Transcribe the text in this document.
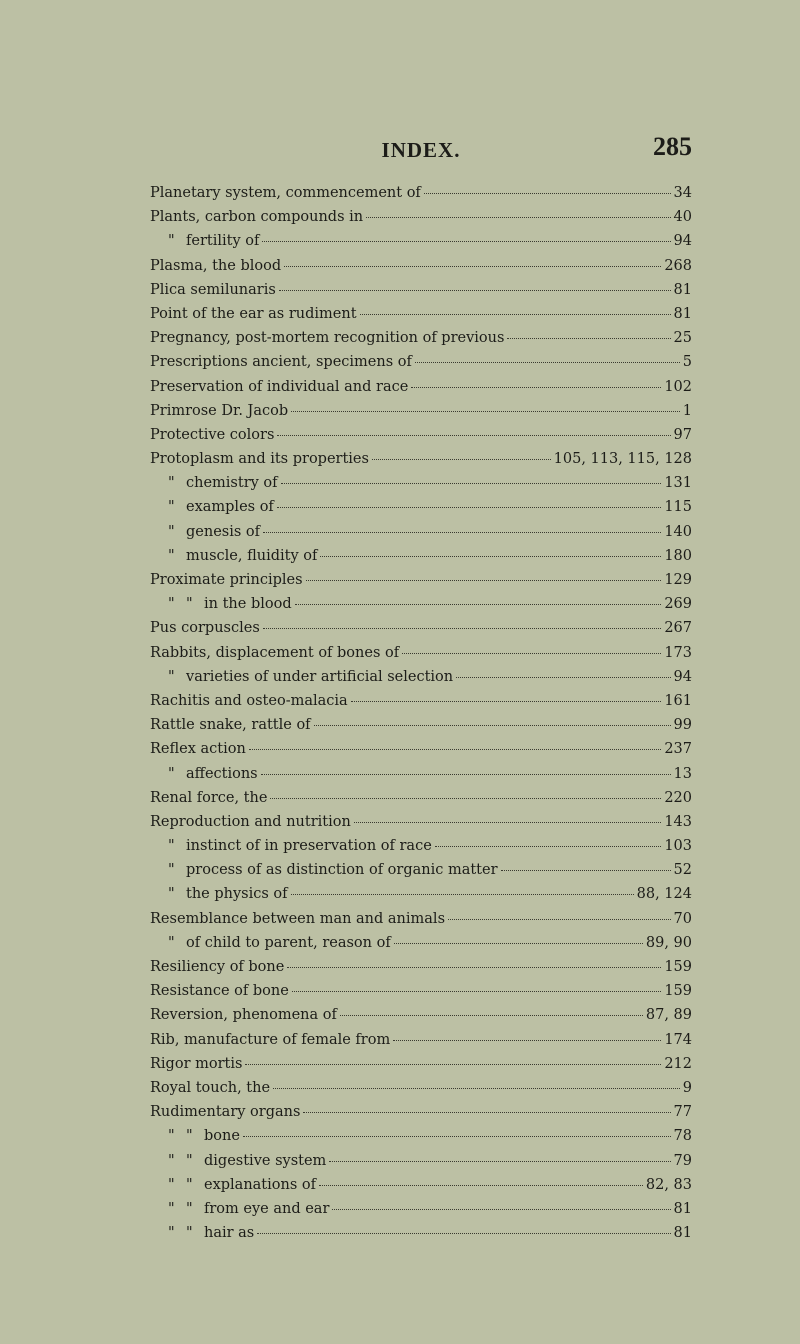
INDEX.	285
Planetary system, commencement of	34
Plants, carbon compounds in	40
" fertility of	94
Plasma, the blood	268
Plica semilunaris	81
Point of the ear as rudiment	81
Pregnancy, post-mortem recognition of previous	25
Prescriptions ancient, specimens of	5
Preservation of individual and race	102
Primrose Dr. Jacob	1
Protective colors	97
Protoplasm and its properties	105, 113, 115, 128
" chemistry of	131
" examples of	115
" genesis of	140
" muscle, fluidity of	180
Proximate principles	129
" " in the blood	269
Pus corpuscles	267
Rabbits, displacement of bones of	173
" varieties of under artificial selection	94
Rachitis and osteo-malacia	161
Rattle snake, rattle of	99
Reflex action	237
" affections	13
Renal force, the	220
Reproduction and nutrition	143
" instinct of in preservation of race	103
" process of as distinction of organic matter	52
" the physics of	88, 124
Resemblance between man and animals	70
" of child to parent, reason of	89, 90
Resiliency of bone	159
Resistance of bone	159
Reversion, phenomena of	87, 89
Rib, manufacture of female from	174
Rigor mortis	212
Royal touch, the	9
Rudimentary organs	77
" " bone	78
" " digestive system	79
" " explanations of	82, 83
" " from eye and ear	81
" " hair as	81
